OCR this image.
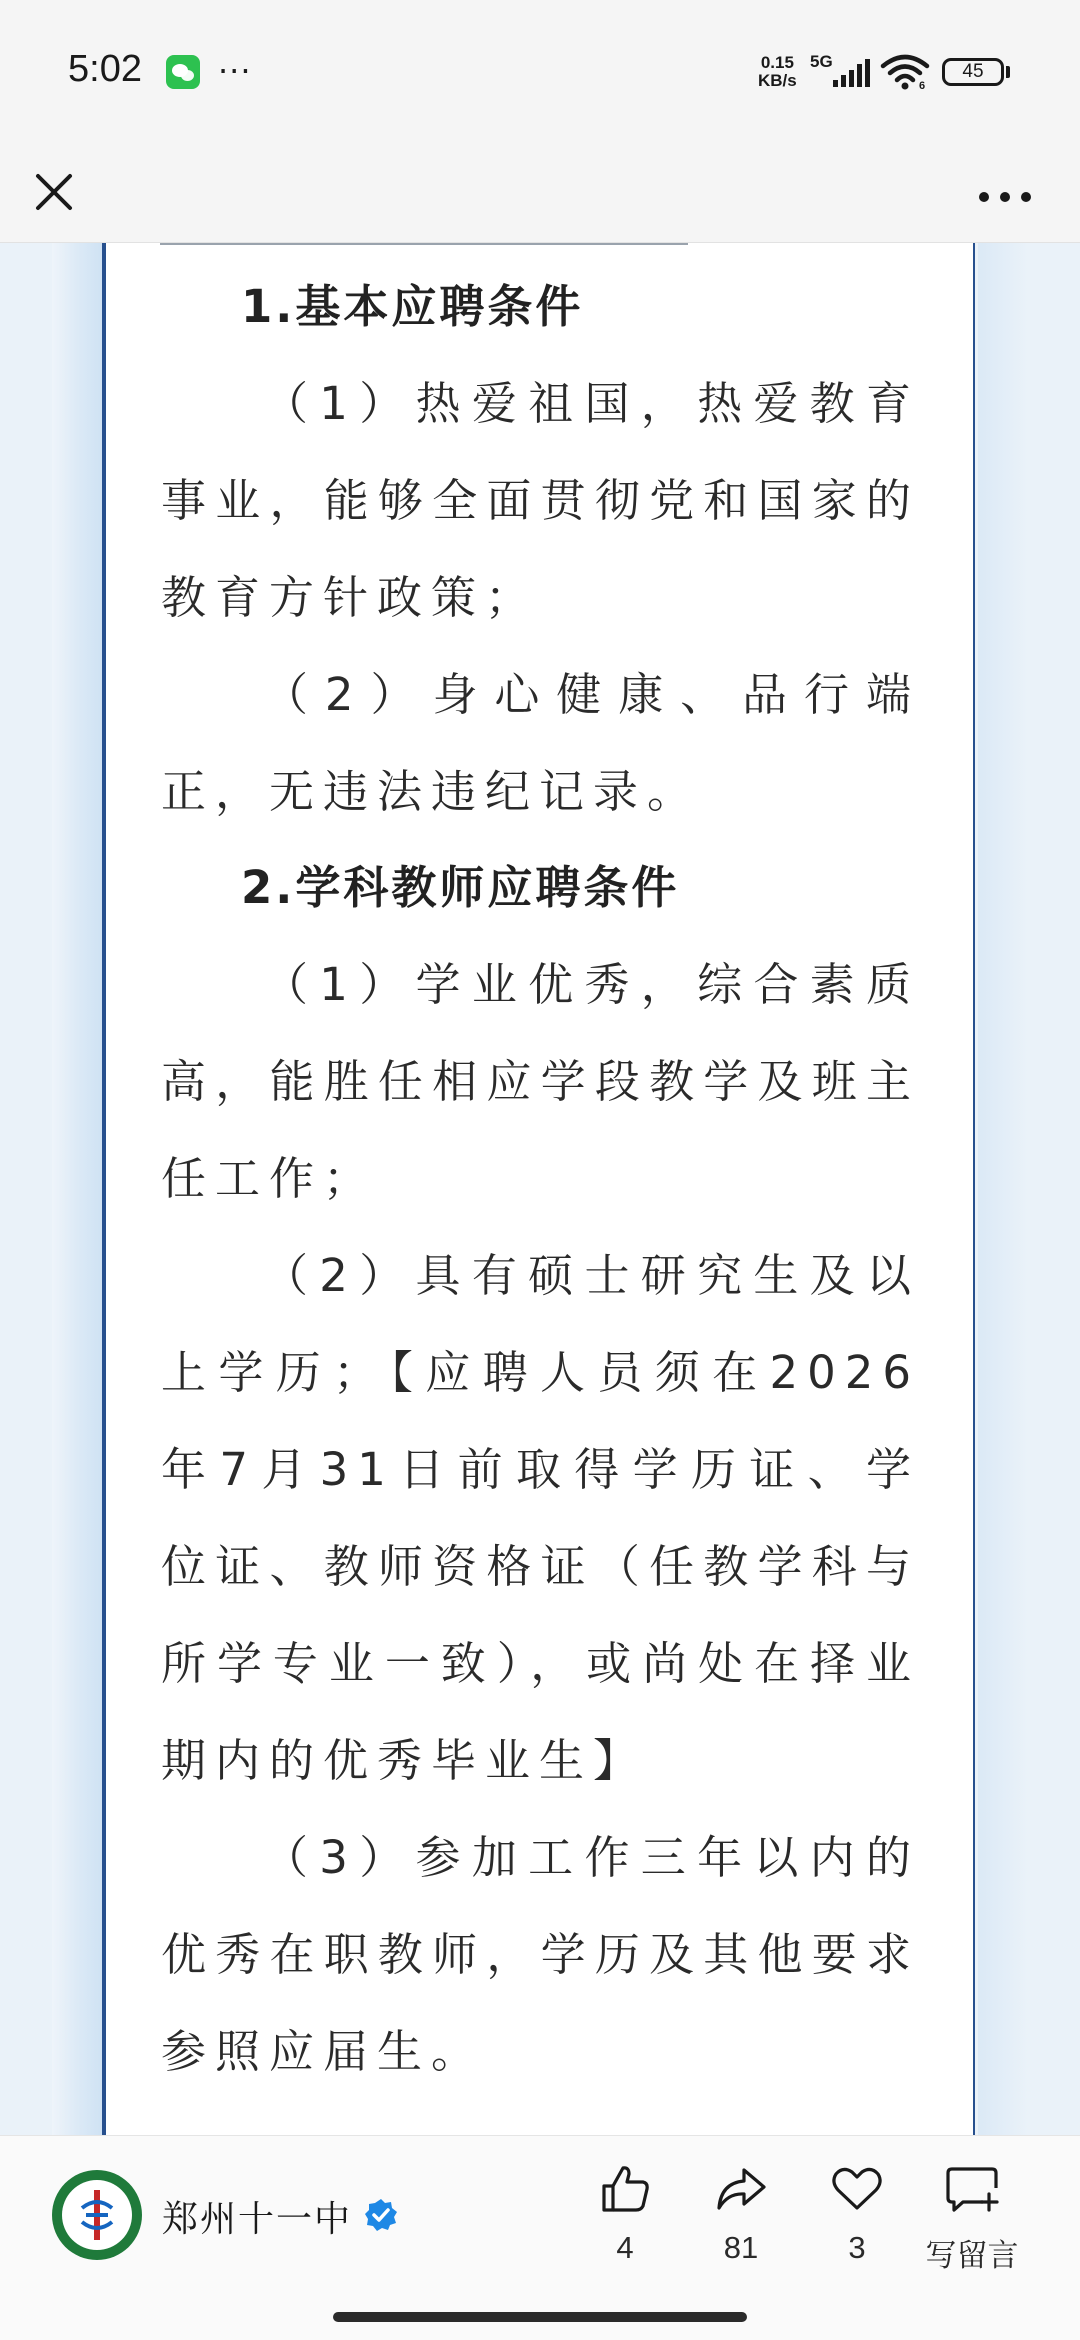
5:02 ···	0.15
KB/s
5G
6
45

1.基本应聘条件

（1）热爱祖国，热爱教育事业，能够全面贯彻党和国家的教育方针政策；

（2）身心健康、品行端正，无违法违纪记录。

2.学科教师应聘条件

（1）学业优秀，综合素质高，能胜任相应学段教学及班主任工作；

（2）具有硕士研究生及以上学历；【应聘人员须在2026年7月31日前取得学历证、学位证、教师资格证（任教学科与所学专业一致），或尚处在择业期内的优秀毕业生】

（3）参加工作三年以内的优秀在职教师，学历及其他要求参照应届生。

郑州十一中
4	81	3	写留言
